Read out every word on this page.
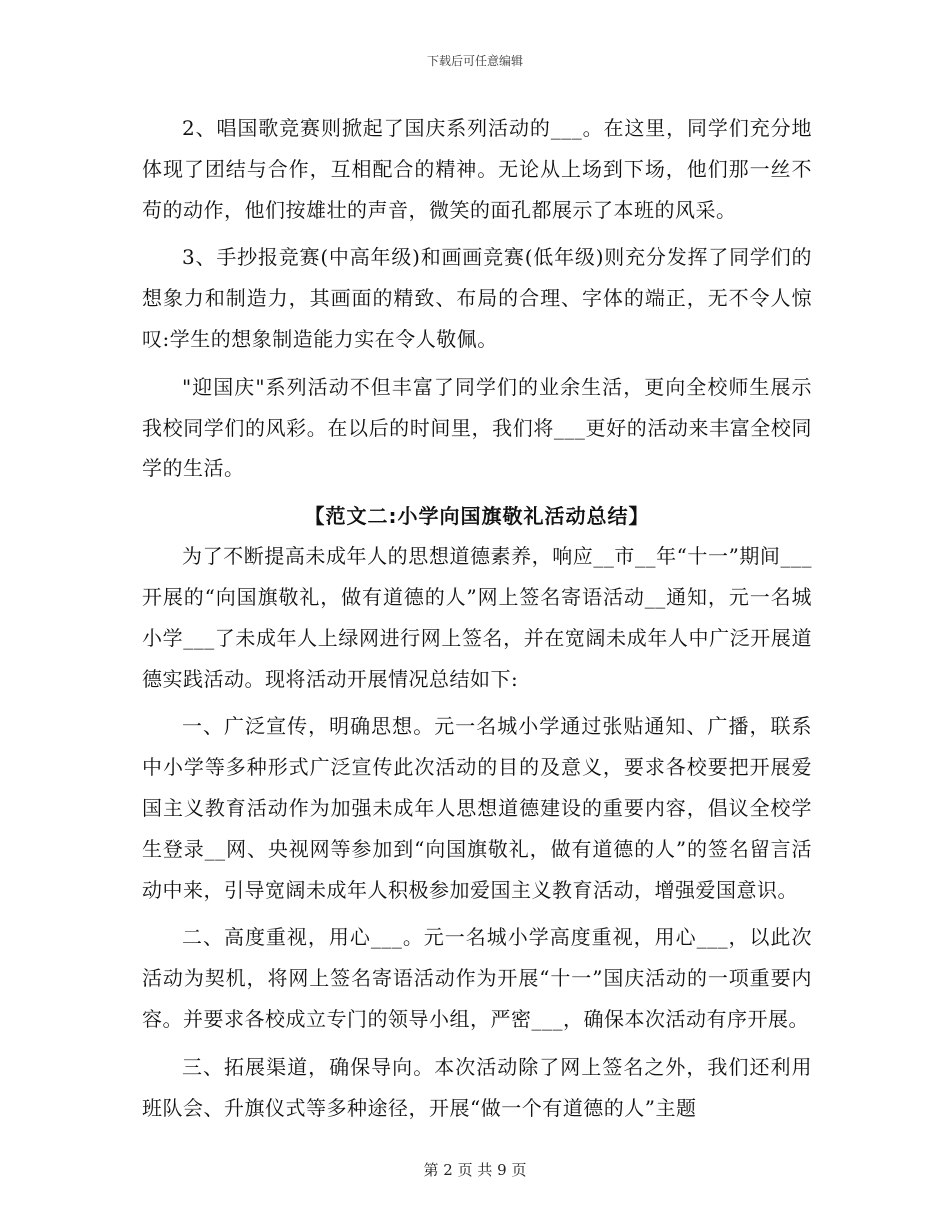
下载后可任意编辑

2、唱国歌竞赛则掀起了国庆系列活动的___。在这里，同学们充分地体现了团结与合作，互相配合的精神。无论从上场到下场，他们那一丝不苟的动作，他们按雄壮的声音，微笑的面孔都展示了本班的风采。

3、手抄报竞赛(中高年级)和画画竞赛(低年级)则充分发挥了同学们的想象力和制造力，其画面的精致、布局的合理、字体的端正，无不令人惊叹:学生的想象制造能力实在令人敬佩。

"迎国庆"系列活动不但丰富了同学们的业余生活，更向全校师生展示我校同学们的风彩。在以后的时间里，我们将___更好的活动来丰富全校同学的生活。

【范文二:小学向国旗敬礼活动总结】

为了不断提高未成年人的思想道德素养，响应__市__年“十一”期间___开展的“向国旗敬礼，做有道德的人”网上签名寄语活动__通知，元一名城小学___了未成年人上绿网进行网上签名，并在宽阔未成年人中广泛开展道德实践活动。现将活动开展情况总结如下:

一、广泛宣传，明确思想。元一名城小学通过张贴通知、广播，联系中小学等多种形式广泛宣传此次活动的目的及意义，要求各校要把开展爱国主义教育活动作为加强未成年人思想道德建设的重要内容，倡议全校学生登录__网、央视网等参加到“向国旗敬礼，做有道德的人”的签名留言活动中来，引导宽阔未成年人积极参加爱国主义教育活动，增强爱国意识。

二、高度重视，用心___。元一名城小学高度重视，用心___，以此次活动为契机，将网上签名寄语活动作为开展“十一”国庆活动的一项重要内容。并要求各校成立专门的领导小组，严密___，确保本次活动有序开展。

三、拓展渠道，确保导向。本次活动除了网上签名之外，我们还利用班队会、升旗仪式等多种途径，开展“做一个有道德的人”主题

第 2 页 共 9 页
